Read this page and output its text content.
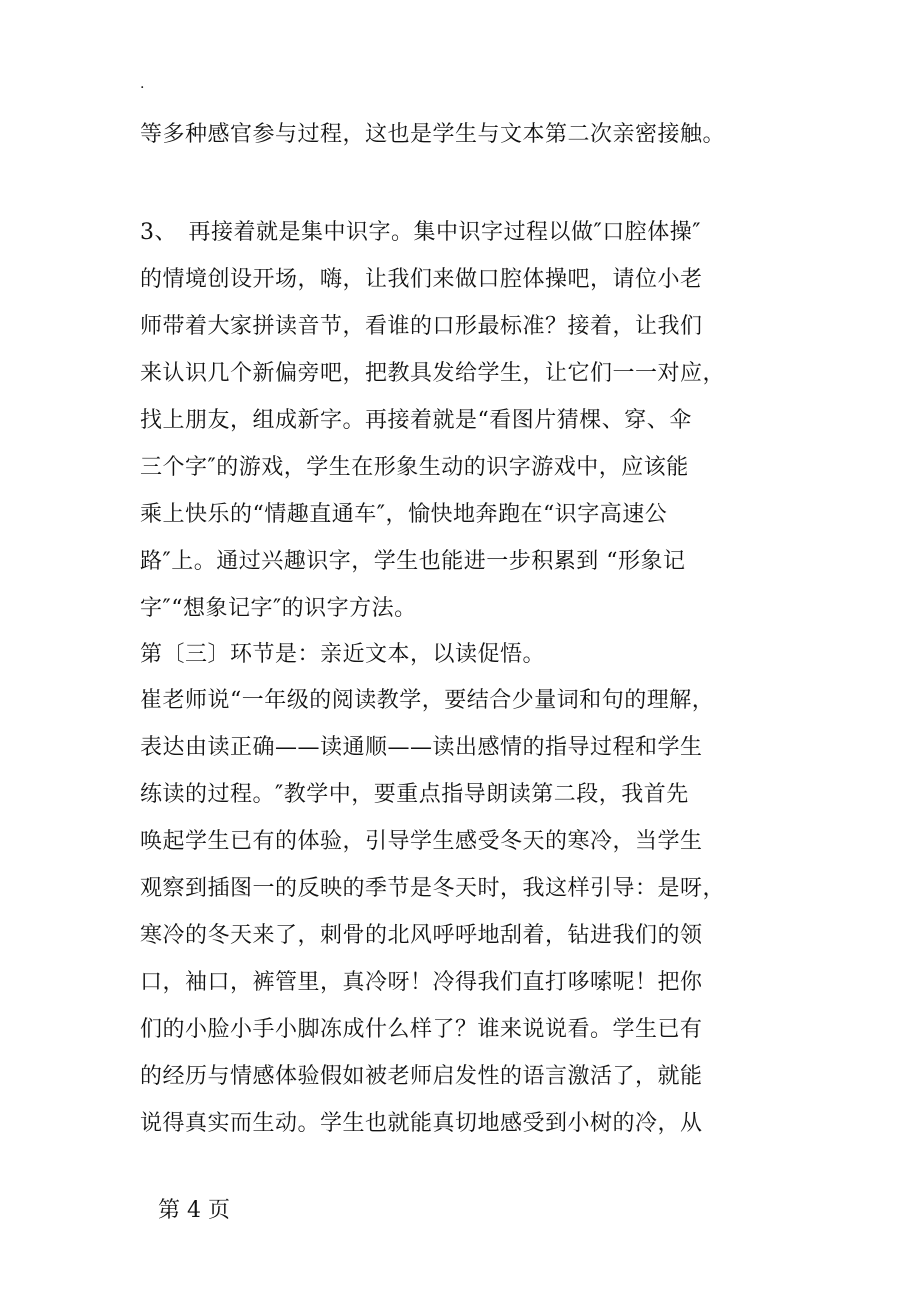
.
等多种感官参与过程，这也是学生与文本第二次亲密接触。
3、　再接着就是集中识字。集中识字过程以做″口腔体操″
的情境创设开场，嗨，让我们来做口腔体操吧，请位小老
师带着大家拼读音节，看谁的口形最标准？接着，让我们
来认识几个新偏旁吧，把教具发给学生，让它们一一对应，
找上朋友，组成新字。再接着就是“看图片猜棵、穿、伞
三个字″的游戏，学生在形象生动的识字游戏中，应该能
乘上快乐的“情趣直通车″，愉快地奔跑在“识字高速公
路″上。通过兴趣识字，学生也能进一步积累到 “形象记
字″“想象记字″的识字方法。
第〔三〕环节是：亲近文本，以读促悟。
崔老师说“一年级的阅读教学，要结合少量词和句的理解，
表达由读正确——读通顺——读出感情的指导过程和学生
练读的过程。″教学中，要重点指导朗读第二段，我首先
唤起学生已有的体验，引导学生感受冬天的寒冷，当学生
观察到插图一的反映的季节是冬天时，我这样引导：是呀，
寒冷的冬天来了，刺骨的北风呼呼地刮着，钻进我们的领
口，袖口，裤管里，真冷呀！冷得我们直打哆嗦呢！把你
们的小脸小手小脚冻成什么样了？谁来说说看。学生已有
的经历与情感体验假如被老师启发性的语言激活了，就能
说得真实而生动。学生也就能真切地感受到小树的冷，从
第 4 页
